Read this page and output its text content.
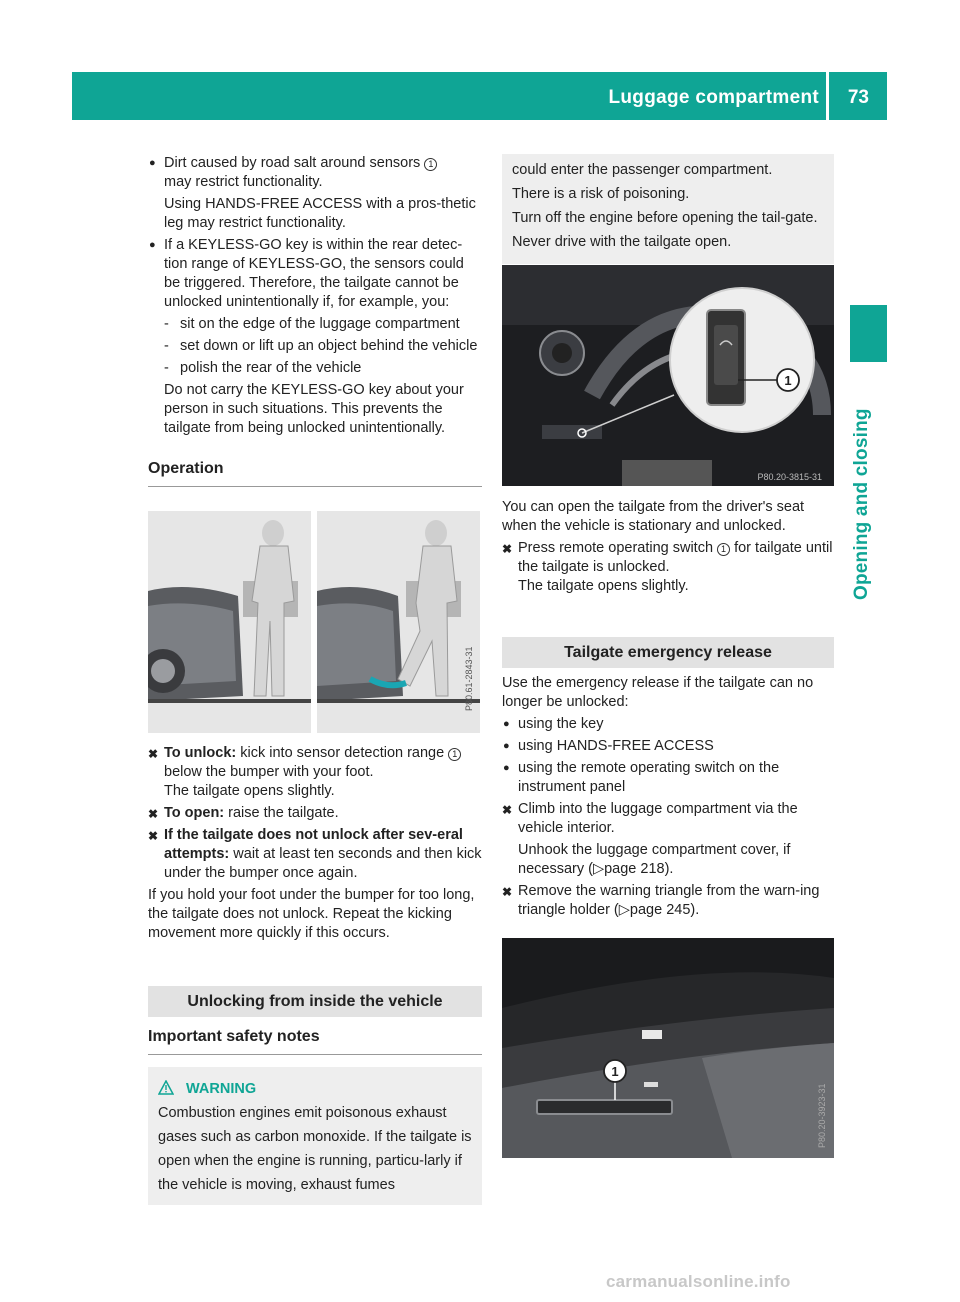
Luggage compartment 73
Opening and closing

● Dirt caused by road salt around sensors 1
may restrict functionality.

Using HANDS-FREE ACCESS with a pros-thetic leg may restrict functionality.

● If a KEYLESS-GO key is within the rear detec-tion range of KEYLESS-GO, the sensors could be triggered. Therefore, the tailgate cannot be unlocked unintentionally if, for example, you:

- sit on the edge of the luggage compartment

- set down or lift up an object behind the vehicle

- polish the rear of the vehicle

Do not carry the KEYLESS-GO key about your person in such situations. This prevents the tailgate from being unlocked unintentionally.

Operation
P80.61-2843-31

✖ To unlock: kick into sensor detection range 1 below the bumper with your foot.
The tailgate opens slightly.

✖ To open: raise the tailgate.

✖ If the tailgate does not unlock after sev-eral attempts: wait at least ten seconds and then kick under the bumper once again.

If you hold your foot under the bumper for too long, the tailgate does not unlock. Repeat the kicking movement more quickly if this occurs.

Unlocking from inside the vehicle
Important safety notes
WARNING
Combustion engines emit poisonous exhaust gases such as carbon monoxide. If the tailgate is open when the engine is running, particu-larly if the vehicle is moving, exhaust fumes
could enter the passenger compartment.
There is a risk of poisoning.
Turn off the engine before opening the tail-gate. Never drive with the tailgate open.
1
P80.20-3815-31

You can open the tailgate from the driver's seat when the vehicle is stationary and unlocked.

✖ Press remote operating switch 1 for tailgate until the tailgate is unlocked.
The tailgate opens slightly.

Tailgate emergency release

Use the emergency release if the tailgate can no longer be unlocked:

● using the key

● using HANDS-FREE ACCESS

● using the remote operating switch on the instrument panel

✖ Climb into the luggage compartment via the vehicle interior.

Unhook the luggage compartment cover, if necessary (▷page 218).

✖ Remove the warning triangle from the warn-ing triangle holder (▷page 245).

1
P80.20-3923-31
carmanualsonline.info
